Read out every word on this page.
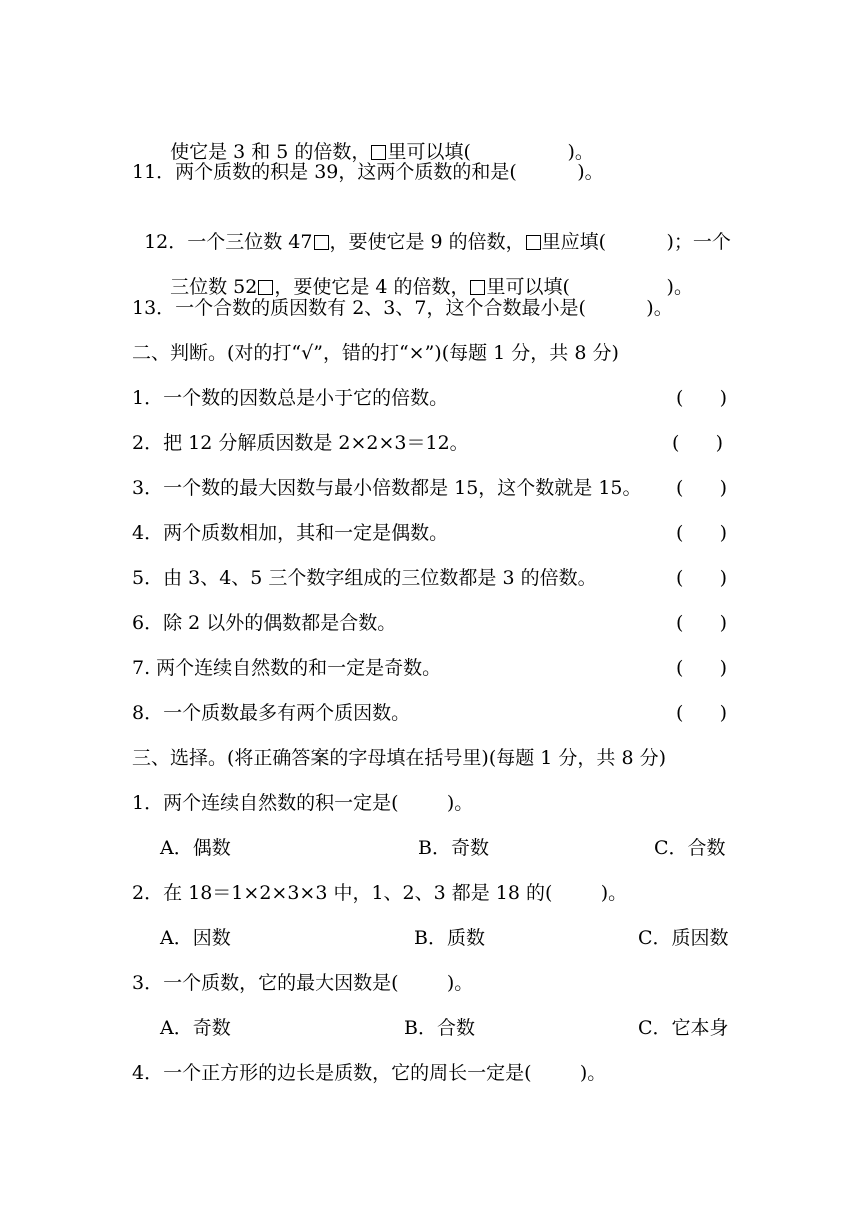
使它是 3 和 5 的倍数， 里可以填(	)。

11．两个质数的积是 39，这两个质数的和是(          )。

12．一个三位数 47 ，要使它是 9 的倍数， 里应填(	)；一个

三位数 52 ，要使它是 4 的倍数， 里可以填(	)。

13．一个合数的质因数有 2、3、7，这个合数最小是(          )。
二、判断。(对的打“√”，错的打“×”)(每题 1 分，共 8 分)
1．一个数的因数总是小于它的倍数。	(      )
2．把 12 分解质因数是 2×2×3＝12。	(      )
3．一个数的最大因数与最小倍数都是 15，这个数就是 15。 (      )
4．两个质数相加，其和一定是偶数。	(      )
5．由 3、4、5 三个数字组成的三位数都是 3 的倍数。	(      )
6．除 2 以外的偶数都是合数。	(      )
7. 两个连续自然数的和一定是奇数。	(      )
8．一个质数最多有两个质因数。	(      )
三、选择。(将正确答案的字母填在括号里)(每题 1 分，共 8 分)
1．两个连续自然数的积一定是(        )。
A．偶数	B．奇数	C．合数
2．在 18＝1×2×3×3 中，1、2、3 都是 18 的(        )。
A．因数	B．质数	C．质因数
3．一个质数，它的最大因数是(        )。
A．奇数	B．合数	C．它本身
4．一个正方形的边长是质数，它的周长一定是(        )。
